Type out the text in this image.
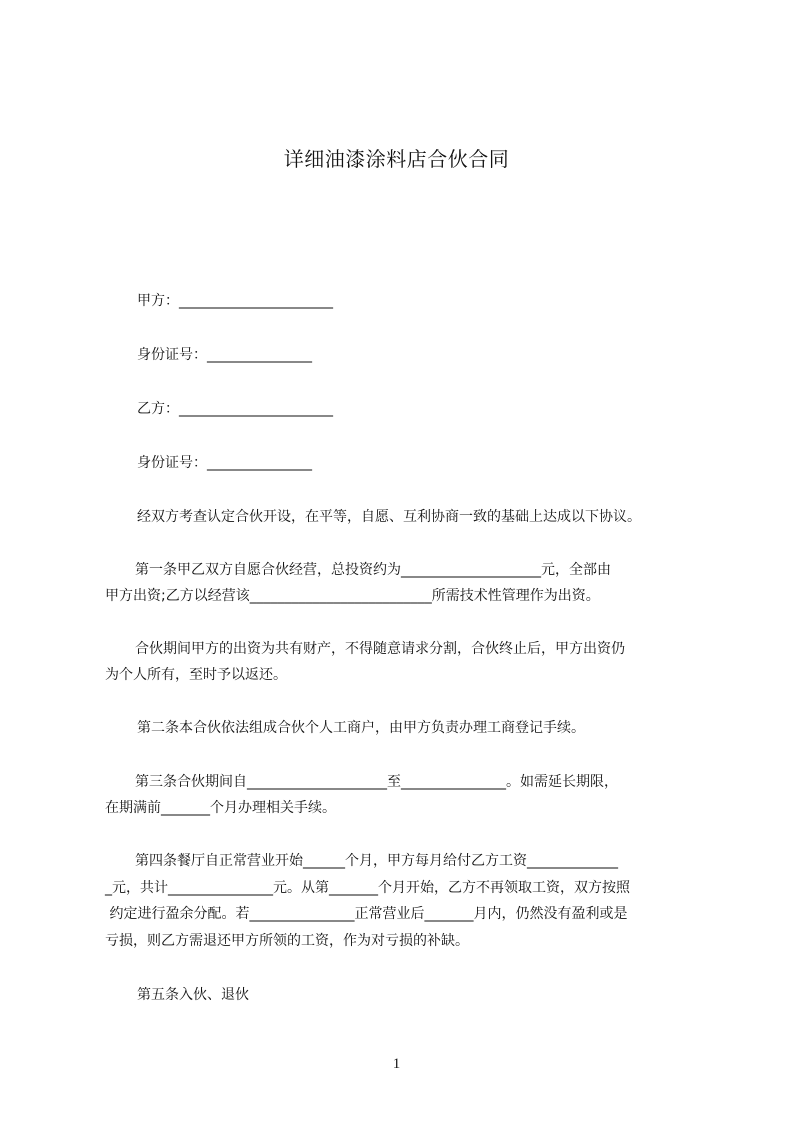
详细油漆涂料店合伙合同
甲方：______________________
身份证号：_______________
乙方：______________________
身份证号：_______________
经双方考查认定合伙开设，在平等，自愿、互利协商一致的基础上达成以下协议。
　第一条甲乙双方自愿合伙经营，总投资约为____________________元，全部由
甲方出资;乙方以经营该__________________________所需技术性管理作为出资。
　合伙期间甲方的出资为共有财产，不得随意请求分割，合伙终止后，甲方出资仍
为个人所有，至时予以返还。
第二条本合伙依法组成合伙个人工商户，由甲方负责办理工商登记手续。
　第三条合伙期间自____________________至_______________。如需延长期限，
在期满前_______个月办理相关手续。
　第四条餐厅自正常营业开始______个月，甲方每月给付乙方工资_____________
_元，共计_______________元。从第_______个月开始，乙方不再领取工资，双方按照
约定进行盈余分配。若_______________正常营业后_______月内，仍然没有盈利或是
亏损，则乙方需退还甲方所领的工资，作为对亏损的补缺。
第五条入伙、退伙
1
